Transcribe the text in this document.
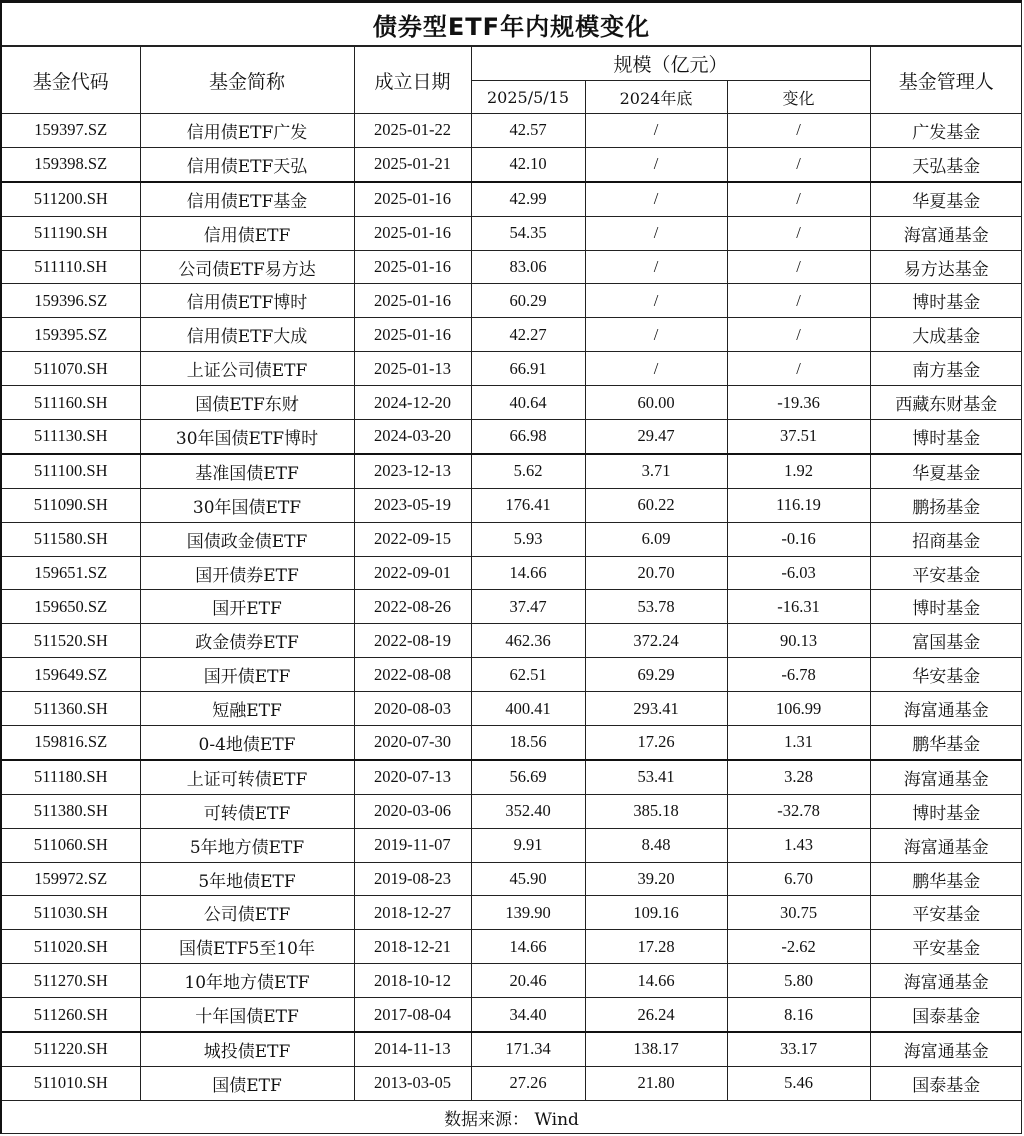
债券型ETF年内规模变化
基金代码	基金简称	成立日期	规模（亿元）			基金管理人
			2025/5/15	2024年底	变化	
159397.SZ	信用债ETF广发	2025-01-22	42.57	/	/	广发基金
159398.SZ	信用债ETF天弘	2025-01-21	42.10	/	/	天弘基金
511200.SH	信用债ETF基金	2025-01-16	42.99	/	/	华夏基金
511190.SH	信用债ETF	2025-01-16	54.35	/	/	海富通基金
511110.SH	公司债ETF易方达	2025-01-16	83.06	/	/	易方达基金
159396.SZ	信用债ETF博时	2025-01-16	60.29	/	/	博时基金
159395.SZ	信用债ETF大成	2025-01-16	42.27	/	/	大成基金
511070.SH	上证公司债ETF	2025-01-13	66.91	/	/	南方基金
511160.SH	国债ETF东财	2024-12-20	40.64	60.00	-19.36	西藏东财基金
511130.SH	30年国债ETF博时	2024-03-20	66.98	29.47	37.51	博时基金
511100.SH	基准国债ETF	2023-12-13	5.62	3.71	1.92	华夏基金
511090.SH	30年国债ETF	2023-05-19	176.41	60.22	116.19	鹏扬基金
511580.SH	国债政金债ETF	2022-09-15	5.93	6.09	-0.16	招商基金
159651.SZ	国开债券ETF	2022-09-01	14.66	20.70	-6.03	平安基金
159650.SZ	国开ETF	2022-08-26	37.47	53.78	-16.31	博时基金
511520.SH	政金债券ETF	2022-08-19	462.36	372.24	90.13	富国基金
159649.SZ	国开债ETF	2022-08-08	62.51	69.29	-6.78	华安基金
511360.SH	短融ETF	2020-08-03	400.41	293.41	106.99	海富通基金
159816.SZ	0-4地债ETF	2020-07-30	18.56	17.26	1.31	鹏华基金
511180.SH	上证可转债ETF	2020-07-13	56.69	53.41	3.28	海富通基金
511380.SH	可转债ETF	2020-03-06	352.40	385.18	-32.78	博时基金
511060.SH	5年地方债ETF	2019-11-07	9.91	8.48	1.43	海富通基金
159972.SZ	5年地债ETF	2019-08-23	45.90	39.20	6.70	鹏华基金
511030.SH	公司债ETF	2018-12-27	139.90	109.16	30.75	平安基金
511020.SH	国债ETF5至10年	2018-12-21	14.66	17.28	-2.62	平安基金
511270.SH	10年地方债ETF	2018-10-12	20.46	14.66	5.80	海富通基金
511260.SH	十年国债ETF	2017-08-04	34.40	26.24	8.16	国泰基金
511220.SH	城投债ETF	2014-11-13	171.34	138.17	33.17	海富通基金
511010.SH	国债ETF	2013-03-05	27.26	21.80	5.46	国泰基金
数据来源： Wind
